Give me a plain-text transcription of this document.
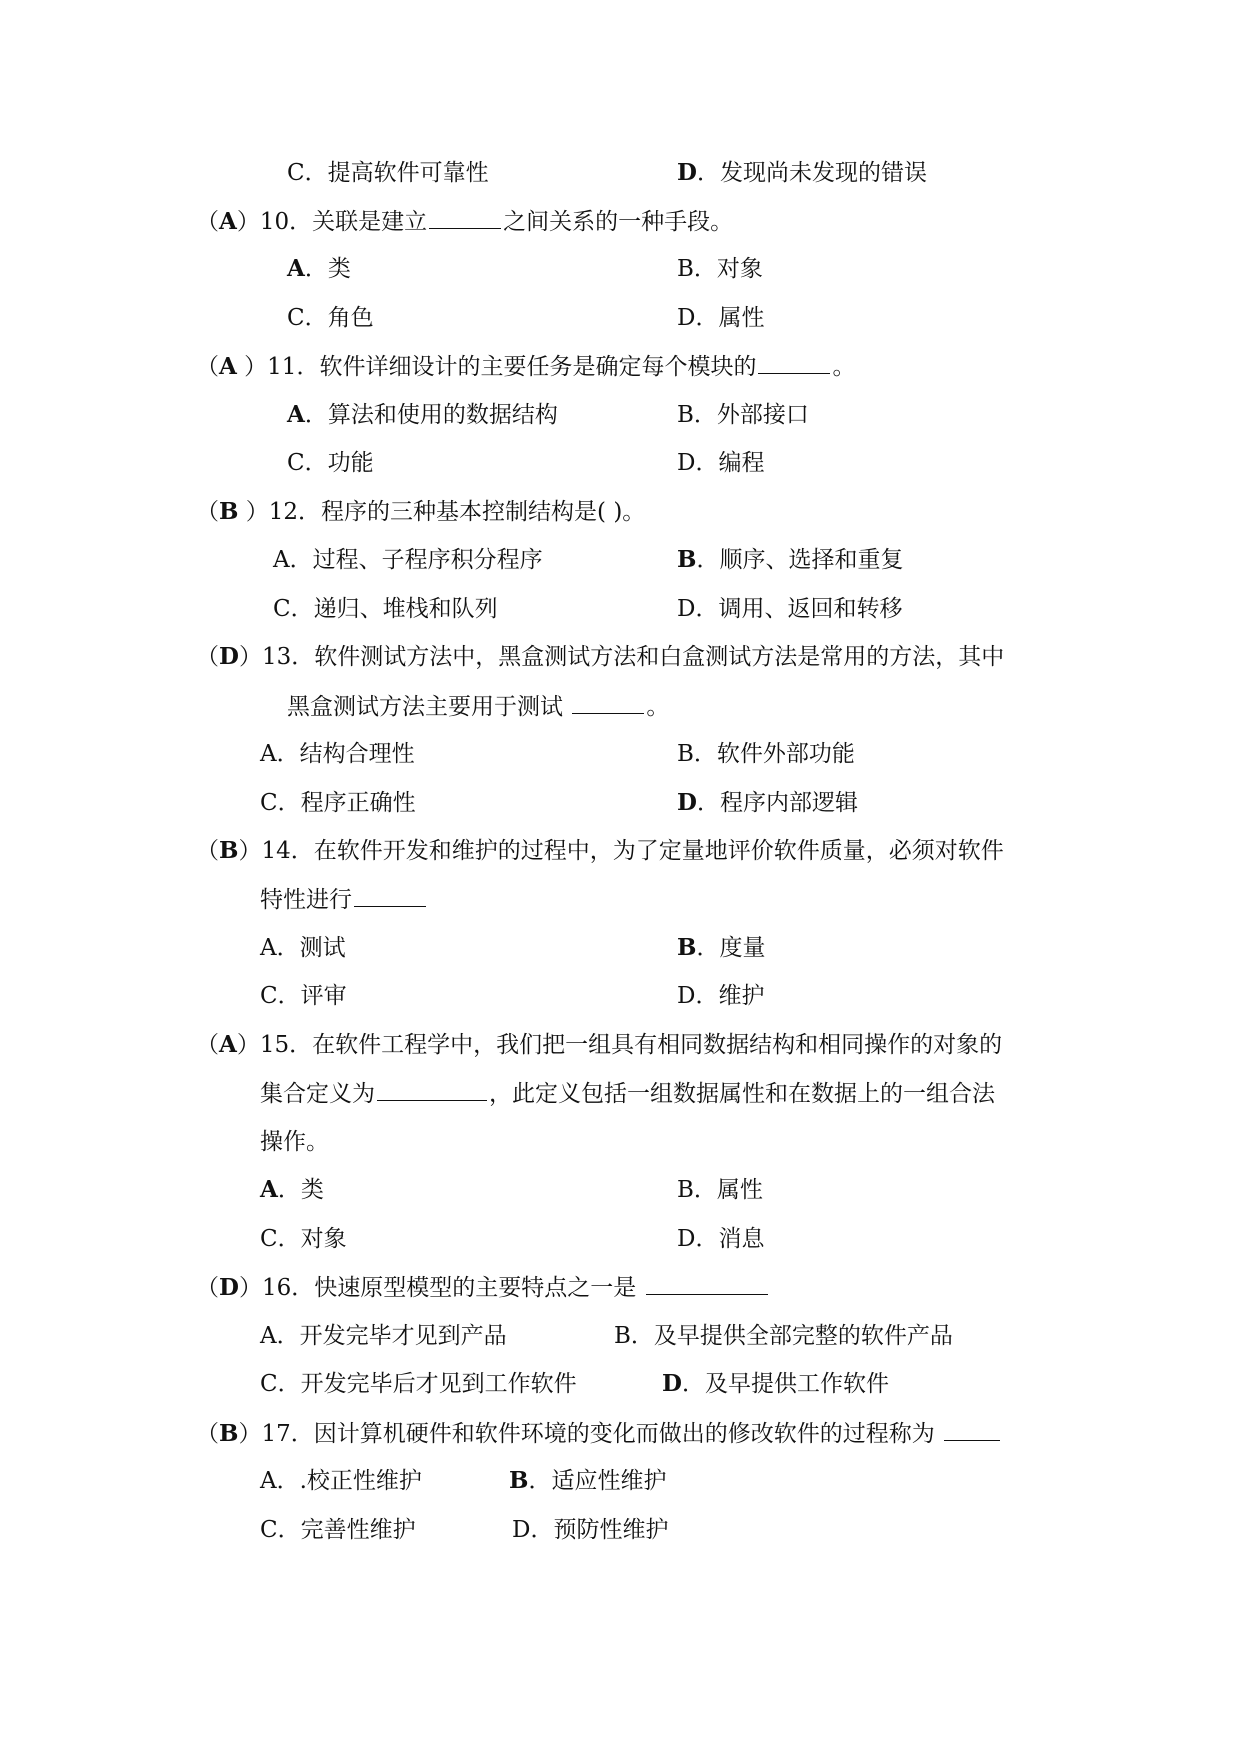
C．提高软件可靠性	D．发现尚未发现的错误
（A）10．关联是建立	之间关系的一种手段。
A．类	B．对象
C．角色	D．属性
（A ）11．软件详细设计的主要任务是确定每个模块的	。
A．算法和使用的数据结构	B．外部接口
C．功能	D．编程
（B ）12．程序的三种基本控制结构是( )。
A．过程、子程序积分程序	B．顺序、选择和重复
C．递归、堆栈和队列	D．调用、返回和转移
（D）13．软件测试方法中，黑盒测试方法和白盒测试方法是常用的方法，其中
黑盒测试方法主要用于测试	。
A．结构合理性	B．软件外部功能
C．程序正确性	D．程序内部逻辑
（B）14．在软件开发和维护的过程中，为了定量地评价软件质量，必须对软件
特性进行
A．测试	B．度量
C．评审	D．维护
（A）15．在软件工程学中，我们把一组具有相同数据结构和相同操作的对象的
集合定义为	，此定义包括一组数据属性和在数据上的一组合法
操作。
A．类	B．属性
C．对象	D．消息
（D）16．快速原型模型的主要特点之一是
A．开发完毕才见到产品	B．及早提供全部完整的软件产品
C．开发完毕后才见到工作软件	D．及早提供工作软件
（B）17．因计算机硬件和软件环境的变化而做出的修改软件的过程称为
A．.校正性维护	B．适应性维护
C．完善性维护	D．预防性维护
